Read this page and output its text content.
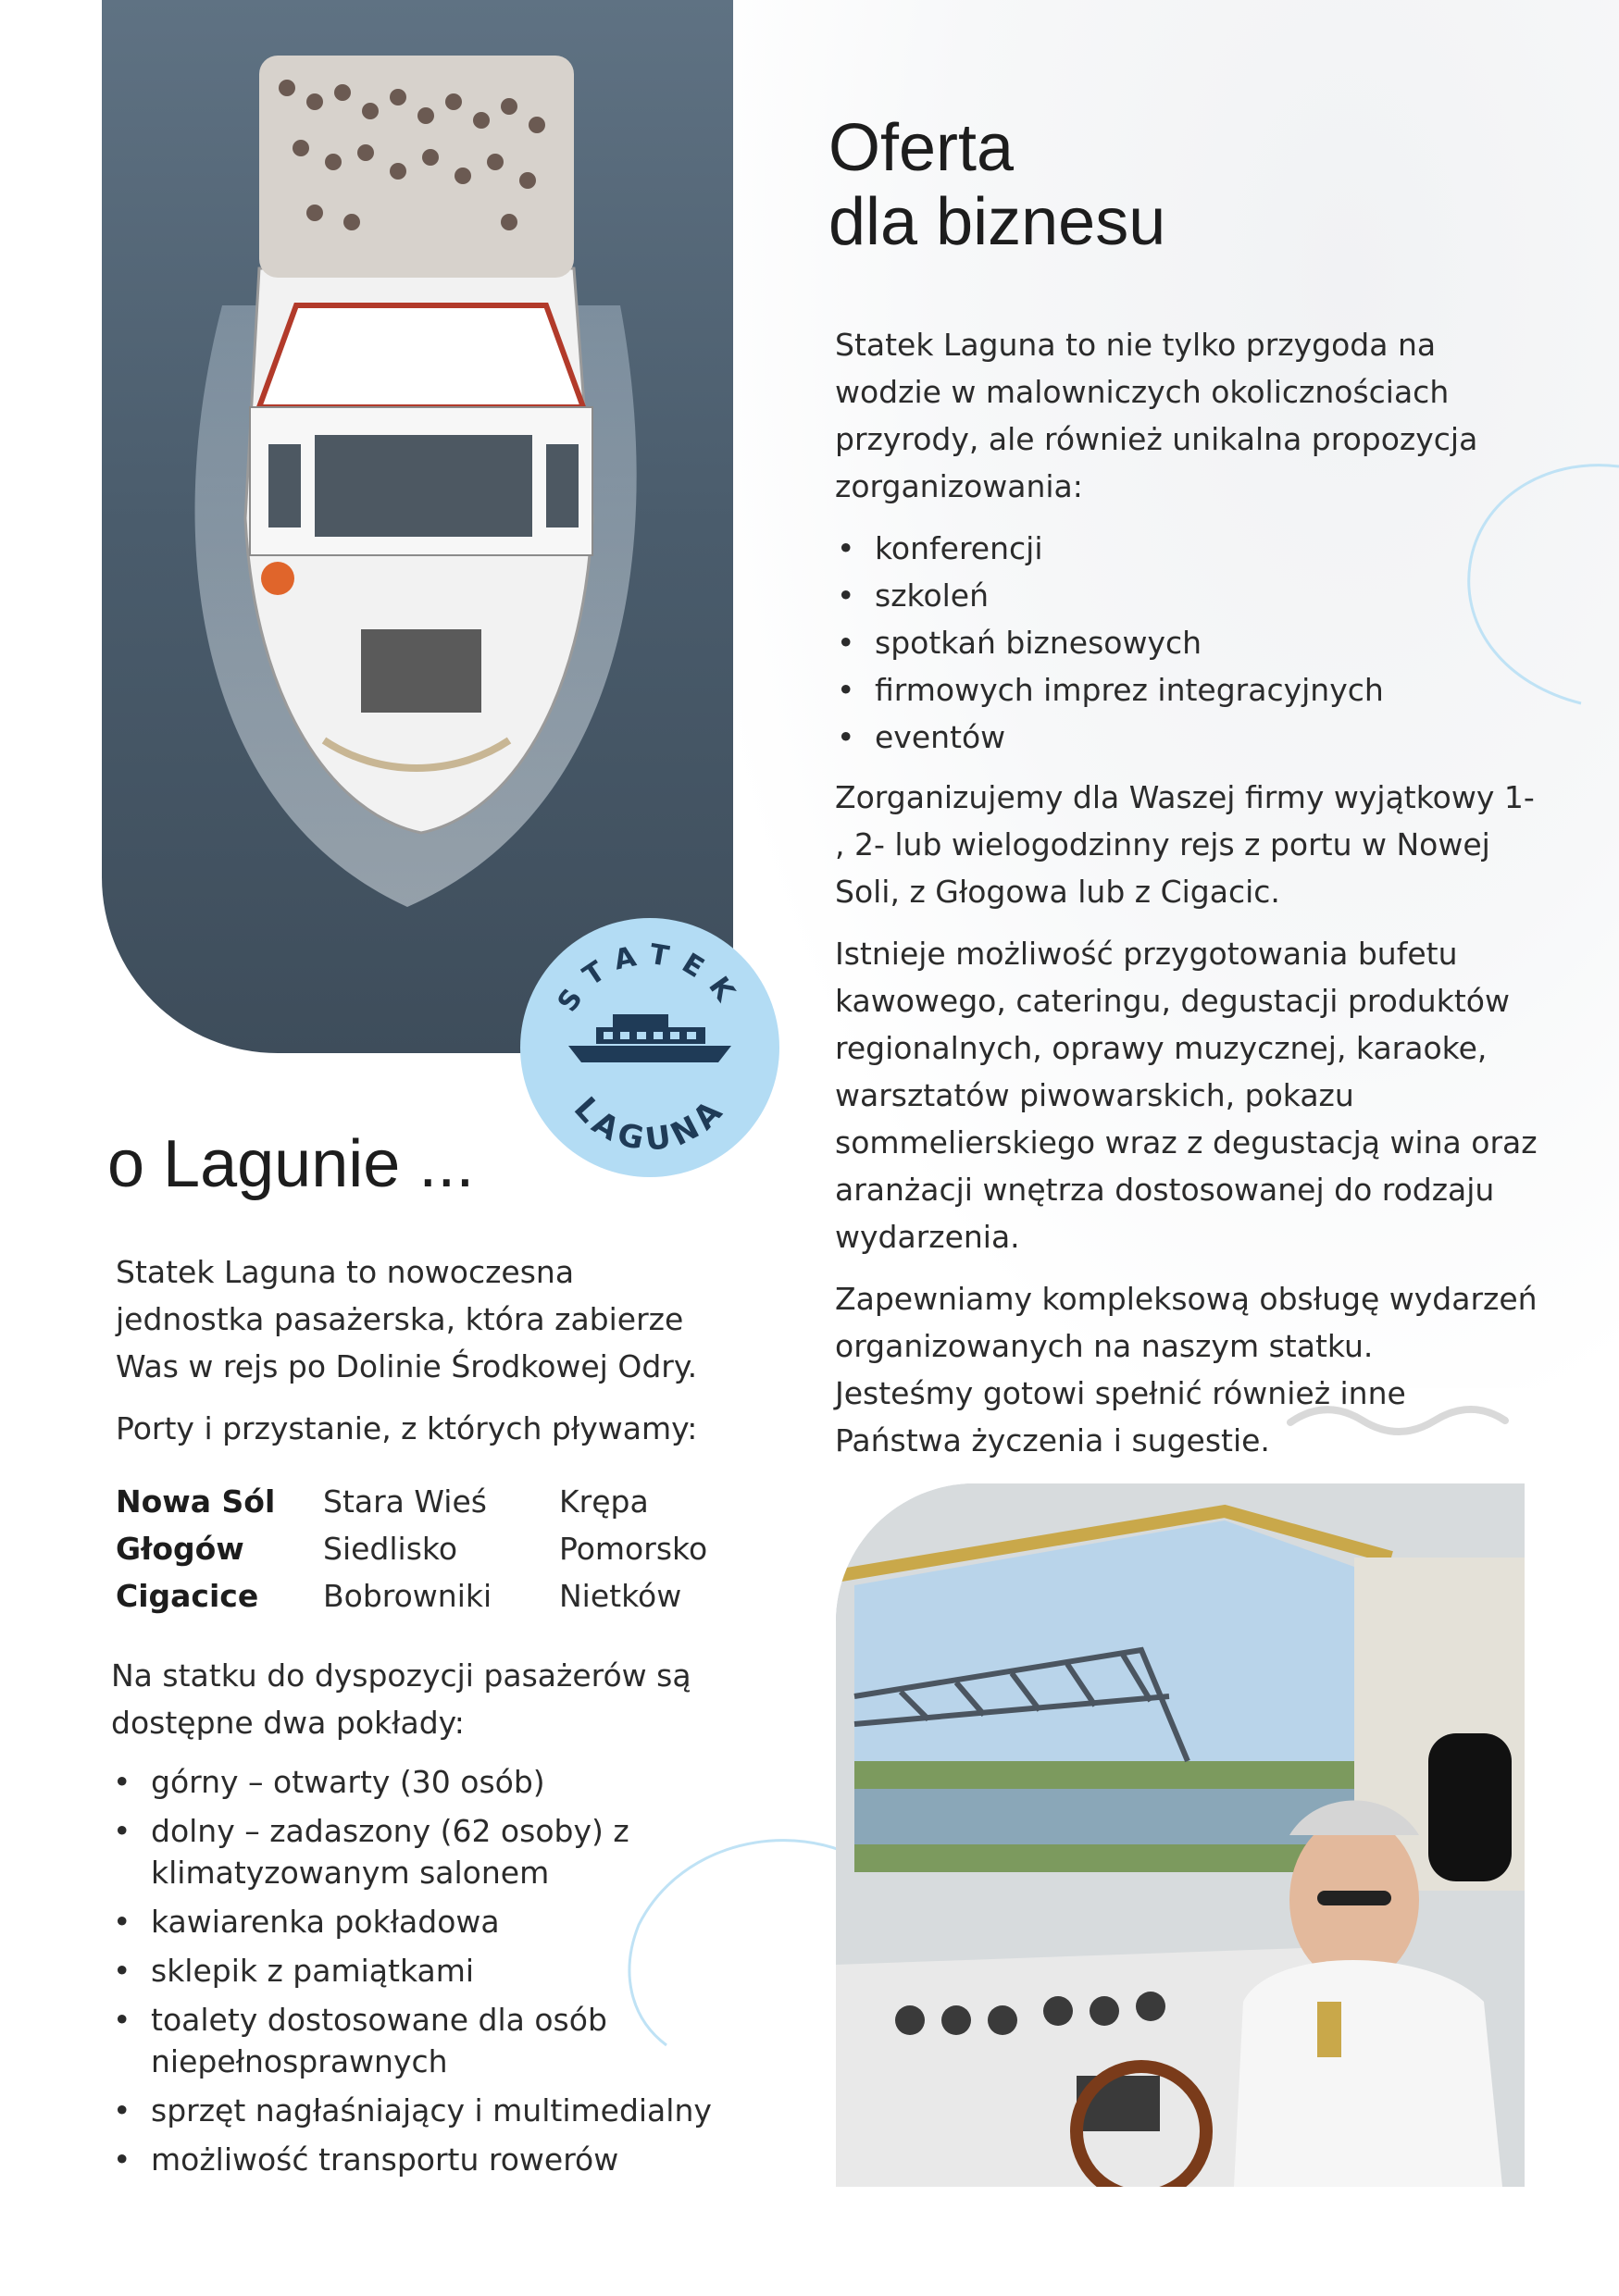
STATEK
LAGUNA
Oferta
dla biznesu

Statek Laguna to nie tylko przygoda na wodzie w malowniczych okolicznościach przyrody, ale również unikalna propozycja zorganizowania:

• konferencji
• szkoleń
• spotkań biznesowych
• firmowych imprez integracyjnych
• eventów

Zorganizujemy dla Waszej firmy wyjątkowy 1- , 2- lub wielogodzinny rejs z portu w Nowej Soli, z Głogowa lub z Cigacic.

Istnieje możliwość przygotowania bufetu kawowego, cateringu, degustacji produktów regionalnych, oprawy muzycznej, karaoke, warsztatów piwowarskich, pokazu sommelierskiego wraz z degustacją wina oraz aranżacji wnętrza dostosowanej do rodzaju wydarzenia.

Zapewniamy kompleksową obsługę wydarzeń organizowanych na naszym statku.

Jesteśmy gotowi spełnić również inne Państwa życzenia i sugestie.

o Lagunie ...

Statek Laguna to nowoczesna jednostka pasażerska, która zabierze Was w rejs po Dolinie Środkowej Odry.

Porty i przystanie, z których pływamy:

Nowa Sól	Stara Wieś	Krępa
Głogów	Siedlisko	Pomorsko
Cigacice	Bobrowniki	Nietków

Na statku do dyspozycji pasażerów są dostępne dwa pokłady:

• górny – otwarty (30 osób)
• dolny – zadaszony (62 osoby) z klimatyzowanym salonem
• kawiarenka pokładowa
• sklepik z pamiątkami
• toalety dostosowane dla osób niepełnosprawnych
• sprzęt nagłaśniający i multimedialny
• możliwość transportu rowerów
